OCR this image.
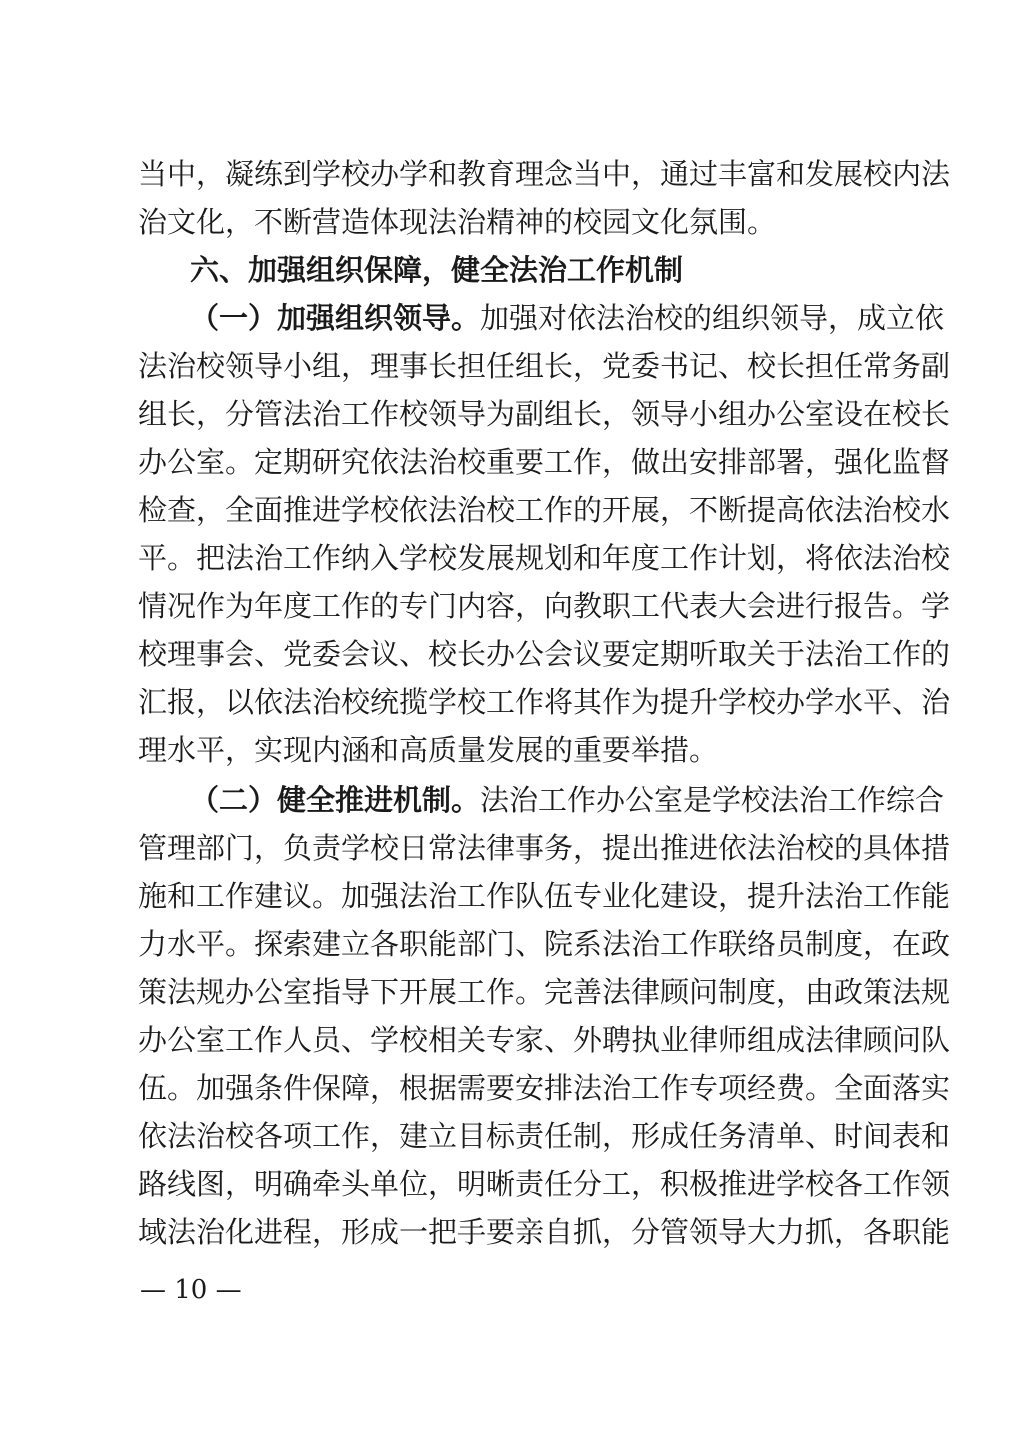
当中，凝练到学校办学和教育理念当中，通过丰富和发展校内法
治文化，不断营造体现法治精神的校园文化氛围。
六、加强组织保障，健全法治工作机制
（一）加强组织领导。加强对依法治校的组织领导，成立依
法治校领导小组，理事长担任组长，党委书记、校长担任常务副
组长，分管法治工作校领导为副组长，领导小组办公室设在校长
办公室。定期研究依法治校重要工作，做出安排部署，强化监督
检查，全面推进学校依法治校工作的开展，不断提高依法治校水
平。把法治工作纳入学校发展规划和年度工作计划，将依法治校
情况作为年度工作的专门内容，向教职工代表大会进行报告。学
校理事会、党委会议、校长办公会议要定期听取关于法治工作的
汇报，以依法治校统揽学校工作将其作为提升学校办学水平、治
理水平，实现内涵和高质量发展的重要举措。
（二）健全推进机制。法治工作办公室是学校法治工作综合
管理部门，负责学校日常法律事务，提出推进依法治校的具体措
施和工作建议。加强法治工作队伍专业化建设，提升法治工作能
力水平。探索建立各职能部门、院系法治工作联络员制度，在政
策法规办公室指导下开展工作。完善法律顾问制度，由政策法规
办公室工作人员、学校相关专家、外聘执业律师组成法律顾问队
伍。加强条件保障，根据需要安排法治工作专项经费。全面落实
依法治校各项工作，建立目标责任制，形成任务清单、时间表和
路线图，明确牵头单位，明晰责任分工，积极推进学校各工作领
域法治化进程，形成一把手要亲自抓，分管领导大力抓，各职能
— 10 —
